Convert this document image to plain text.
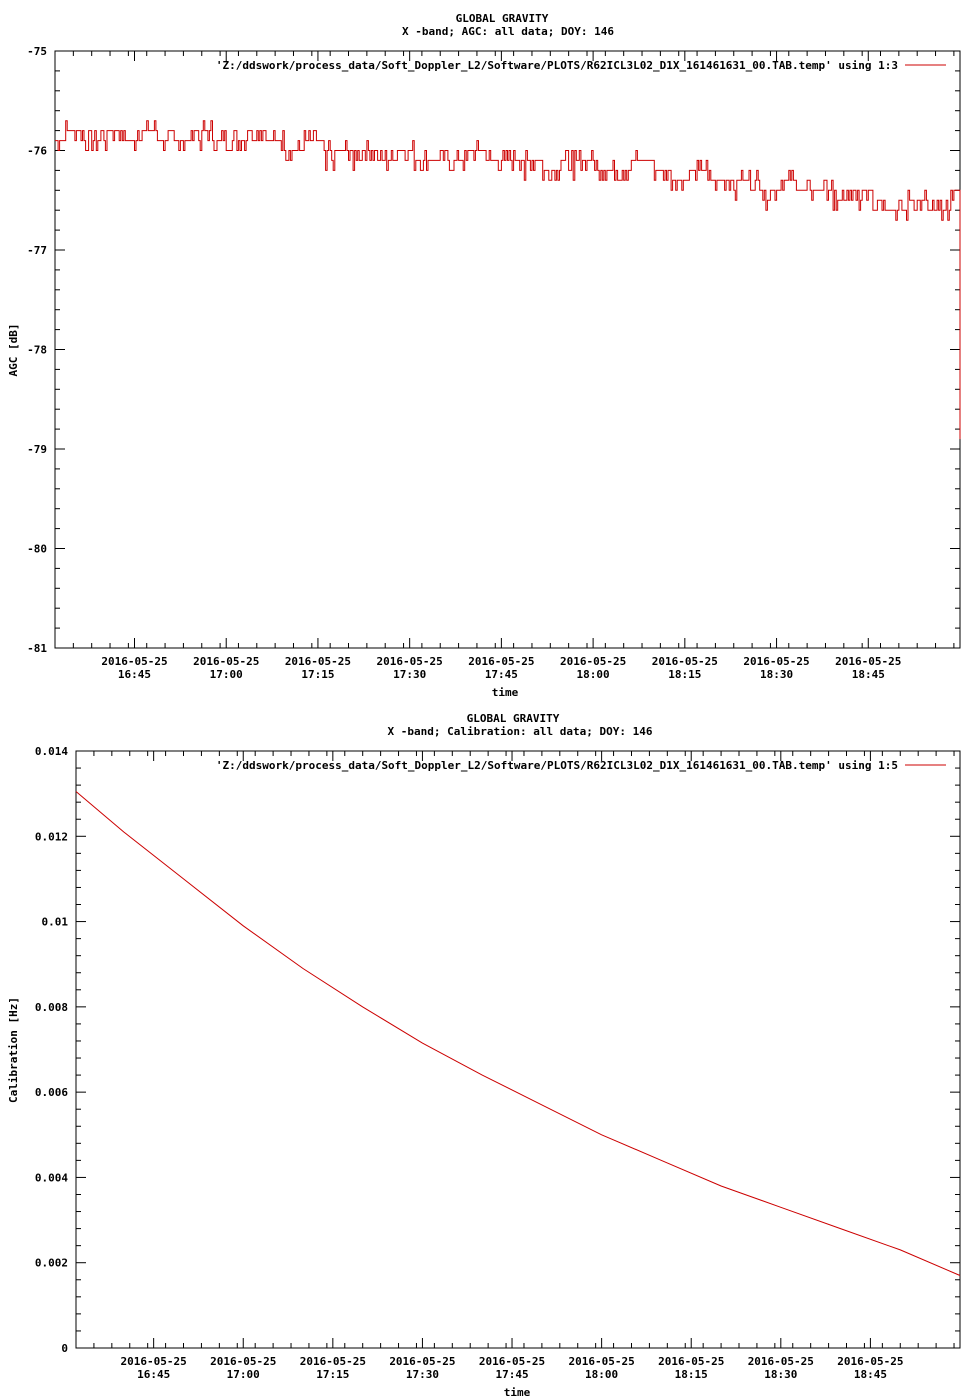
GLOBAL GRAVITY
X -band; AGC: all data; DOY: 146
-75
-76
-77
-78
-79
-80
-81
2016-05-25
16:45
2016-05-25
17:00
2016-05-25
17:15
2016-05-25
17:30
2016-05-25
17:45
2016-05-25
18:00
2016-05-25
18:15
2016-05-25
18:30
2016-05-25
18:45
time
AGC [dB]
'Z:/ddswork/process_data/Soft_Doppler_L2/Software/PLOTS/R62ICL3L02_D1X_161461631_00.TAB.temp' using 1:3
GLOBAL GRAVITY
X -band; Calibration: all data; DOY: 146
0.014
0.012
0.01
0.008
0.006
0.004
0.002
0
2016-05-25
16:45
2016-05-25
17:00
2016-05-25
17:15
2016-05-25
17:30
2016-05-25
17:45
2016-05-25
18:00
2016-05-25
18:15
2016-05-25
18:30
2016-05-25
18:45
time
Calibration [Hz]
'Z:/ddswork/process_data/Soft_Doppler_L2/Software/PLOTS/R62ICL3L02_D1X_161461631_00.TAB.temp' using 1:5
